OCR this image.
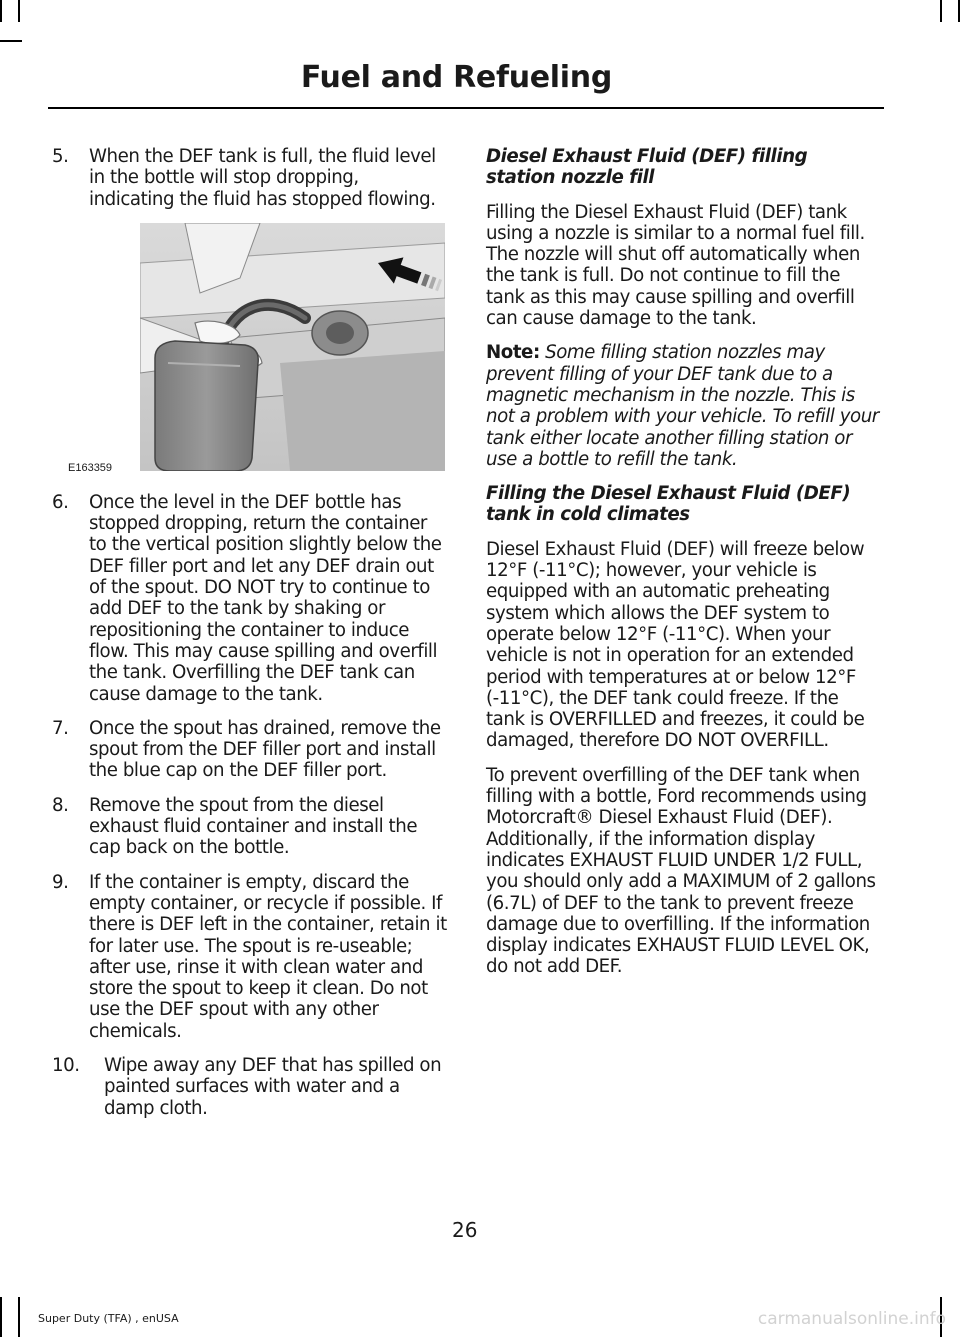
Fuel and Refueling
5. When the DEF tank is full, the fluid level in the bottle will stop dropping, indicating the fluid has stopped flowing.
E163359
6. Once the level in the DEF bottle has stopped dropping, return the container to the vertical position slightly below the DEF filler port and let any DEF drain out of the spout. DO NOT try to continue to add DEF to the tank by shaking or repositioning the container to induce flow. This may cause spilling and overfill the tank. Overfilling the DEF tank can cause damage to the tank.
7. Once the spout has drained, remove the spout from the DEF filler port and install the blue cap on the DEF filler port.
8. Remove the spout from the diesel exhaust fluid container and install the cap back on the bottle.
9. If the container is empty, discard the empty container, or recycle if possible. If there is DEF left in the container, retain it for later use. The spout is re-useable; after use, rinse it with clean water and store the spout to keep it clean. Do not use the DEF spout with any other chemicals.
10. Wipe away any DEF that has spilled on painted surfaces with water and a damp cloth.
Diesel Exhaust Fluid (DEF) filling station nozzle fill
Filling the Diesel Exhaust Fluid (DEF) tank using a nozzle is similar to a normal fuel fill. The nozzle will shut off automatically when the tank is full. Do not continue to fill the tank as this may cause spilling and overfill can cause damage to the tank.
Note: Some filling station nozzles may prevent filling of your DEF tank due to a magnetic mechanism in the nozzle. This is not a problem with your vehicle. To refill your tank either locate another filling station or use a bottle to refill the tank.
Filling the Diesel Exhaust Fluid (DEF) tank in cold climates
Diesel Exhaust Fluid (DEF) will freeze below 12°F (-11°C); however, your vehicle is equipped with an automatic preheating system which allows the DEF system to operate below 12°F (-11°C). When your vehicle is not in operation for an extended period with temperatures at or below 12°F (-11°C), the DEF tank could freeze. If the tank is OVERFILLED and freezes, it could be damaged, therefore DO NOT OVERFILL.
To prevent overfilling of the DEF tank when filling with a bottle, Ford recommends using Motorcraft® Diesel Exhaust Fluid (DEF). Additionally, if the information display indicates EXHAUST FLUID UNDER 1/2 FULL, you should only add a MAXIMUM of 2 gallons (6.7L) of DEF to the tank to prevent freeze damage due to overfilling. If the information display indicates EXHAUST FLUID LEVEL OK, do not add DEF.
26
Super Duty (TFA) , enUSA	carmanualsonline.info
